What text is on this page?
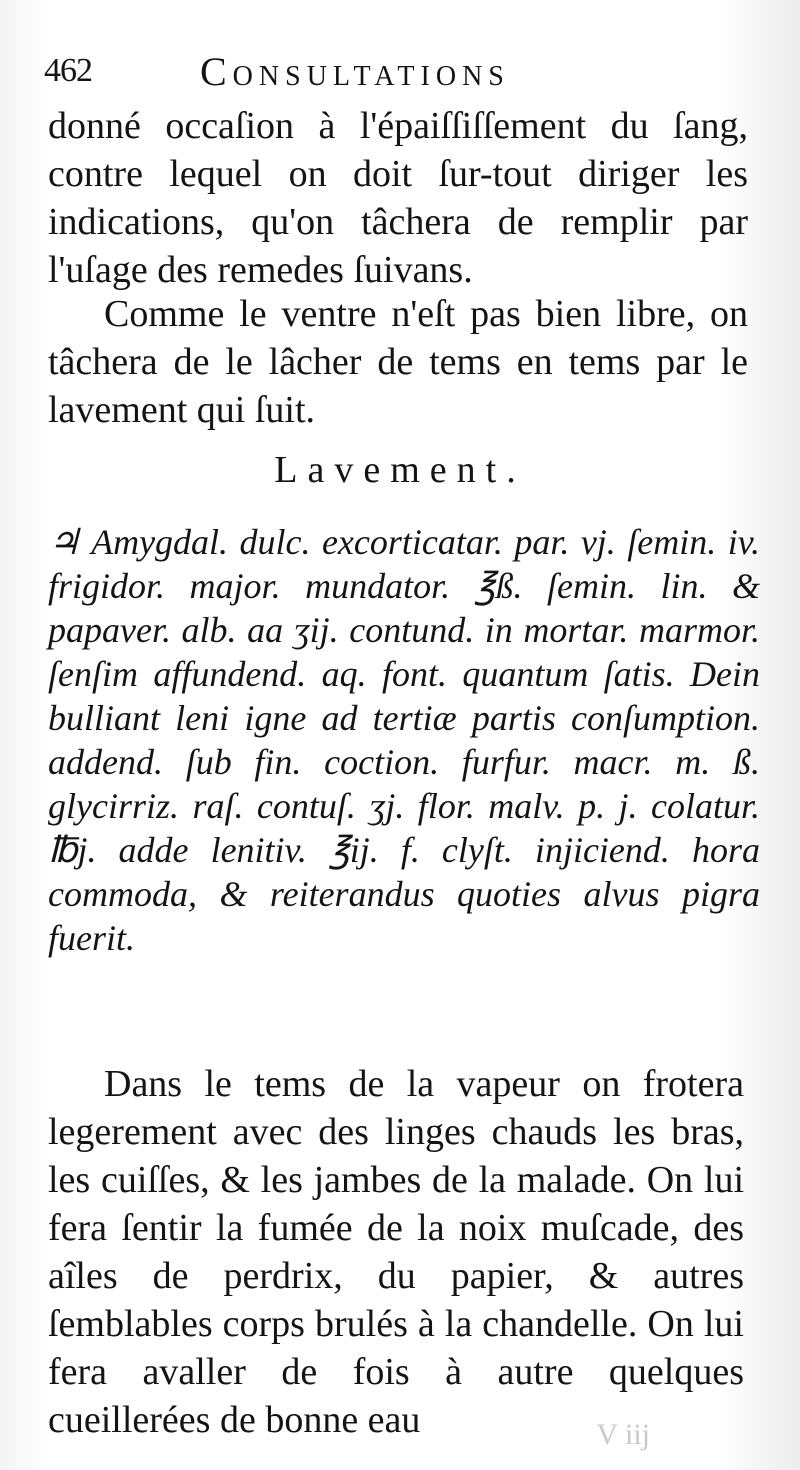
462	Consultations

donné occaſion à l'épaiſſiſſement du ſang, contre lequel on doit ſur-tout diriger les indications, qu'on tâchera de remplir par l'uſage des remedes ſuivans.

Comme le ventre n'eſt pas bien libre, on tâchera de le lâcher de tems en tems par le lavement qui ſuit.

Lavement.

♃ Amygdal. dulc. excorticatar. par. vj. ſemin. iv. frigidor. major. mundator. ℥ß. ſemin. lin. & papaver. alb. aa ʒij. contund. in mortar. marmor. ſenſim affundend. aq. font. quantum ſatis. Dein bulliant leni igne ad tertiæ partis conſumption. addend. ſub fin. coction. furfur. macr. m. ß. glycirriz. raſ. contuſ. ʒj. flor. malv. p. j. colatur. ℔j. adde lenitiv. ℥ij. f. clyſt. injiciend. hora commoda, & reiterandus quoties alvus pigra fuerit.

Dans le tems de la vapeur on frotera legerement avec des linges chauds les bras, les cuiſſes, & les jambes de la malade. On lui fera ſentir la fumée de la noix muſcade, des aîles de perdrix, du papier, & autres ſemblables corps brulés à la chandelle. On lui fera avaller de fois à autre quelques cueillerées de bonne eau	V iij
